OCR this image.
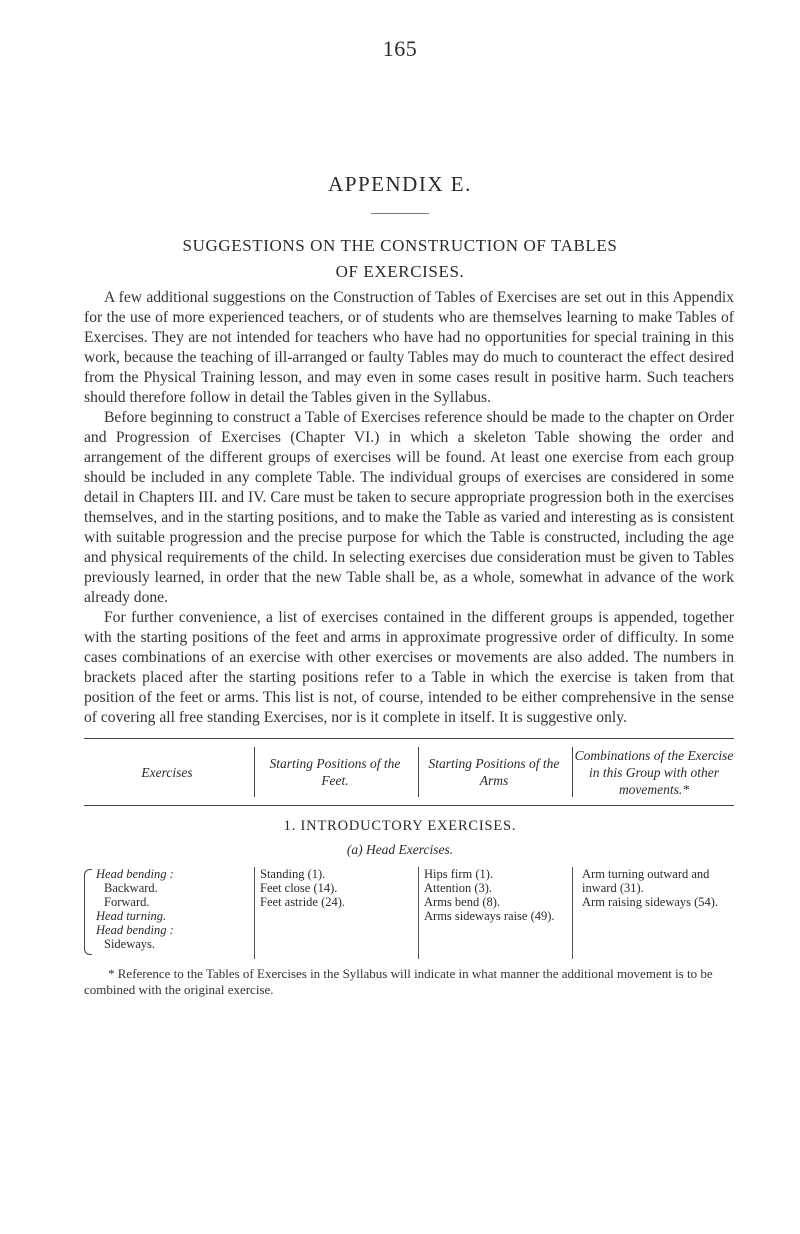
165
APPENDIX E.
SUGGESTIONS ON THE CONSTRUCTION OF TABLES
OF EXERCISES.

A few additional suggestions on the Construction of Tables of Exercises are set out in this Appendix for the use of more experienced teachers, or of students who are themselves learning to make Tables of Exercises. They are not intended for teachers who have had no opportunities for special training in this work, because the teaching of ill-arranged or faulty Tables may do much to counteract the effect desired from the Physical Training lesson, and may even in some cases result in positive harm. Such teachers should therefore follow in detail the Tables given in the Syllabus.

Before beginning to construct a Table of Exercises reference should be made to the chapter on Order and Progression of Exercises (Chapter VI.) in which a skeleton Table showing the order and arrangement of the different groups of exercises will be found. At least one exercise from each group should be included in any complete Table. The individual groups of exercises are considered in some detail in Chapters III. and IV. Care must be taken to secure appropriate progression both in the exercises themselves, and in the starting positions, and to make the Table as varied and interesting as is consistent with suitable progression and the precise purpose for which the Table is constructed, including the age and physical requirements of the child. In selecting exercises due consideration must be given to Tables previously learned, in order that the new Table shall be, as a whole, somewhat in advance of the work already done.

For further convenience, a list of exercises contained in the different groups is appended, together with the starting positions of the feet and arms in approximate progressive order of difficulty. In some cases combinations of an exercise with other exercises or movements are also added. The numbers in brackets placed after the starting positions refer to a Table in which the exercise is taken from that position of the feet or arms. This list is not, of course, intended to be either comprehensive in the sense of covering all free standing Exercises, nor is it complete in itself. It is suggestive only.

Exercises
Starting Positions of the Feet.
Starting Positions of the Arms
Combinations of the Exercise in this Group with other movements.*
1. INTRODUCTORY EXERCISES.
(a) Head Exercises.
Head bending :
Backward.
Forward.
Head turning.
Head bending :
Sideways.
Standing (1).
Feet close (14).
Feet astride (24).
Hips firm (1).
Attention (3).
Arms bend (8).
Arms sideways raise (49).
Arm turning outward and inward (31).
Arm raising sideways (54).
* Reference to the Tables of Exercises in the Syllabus will indicate in what manner the additional movement is to be combined with the original exercise.
